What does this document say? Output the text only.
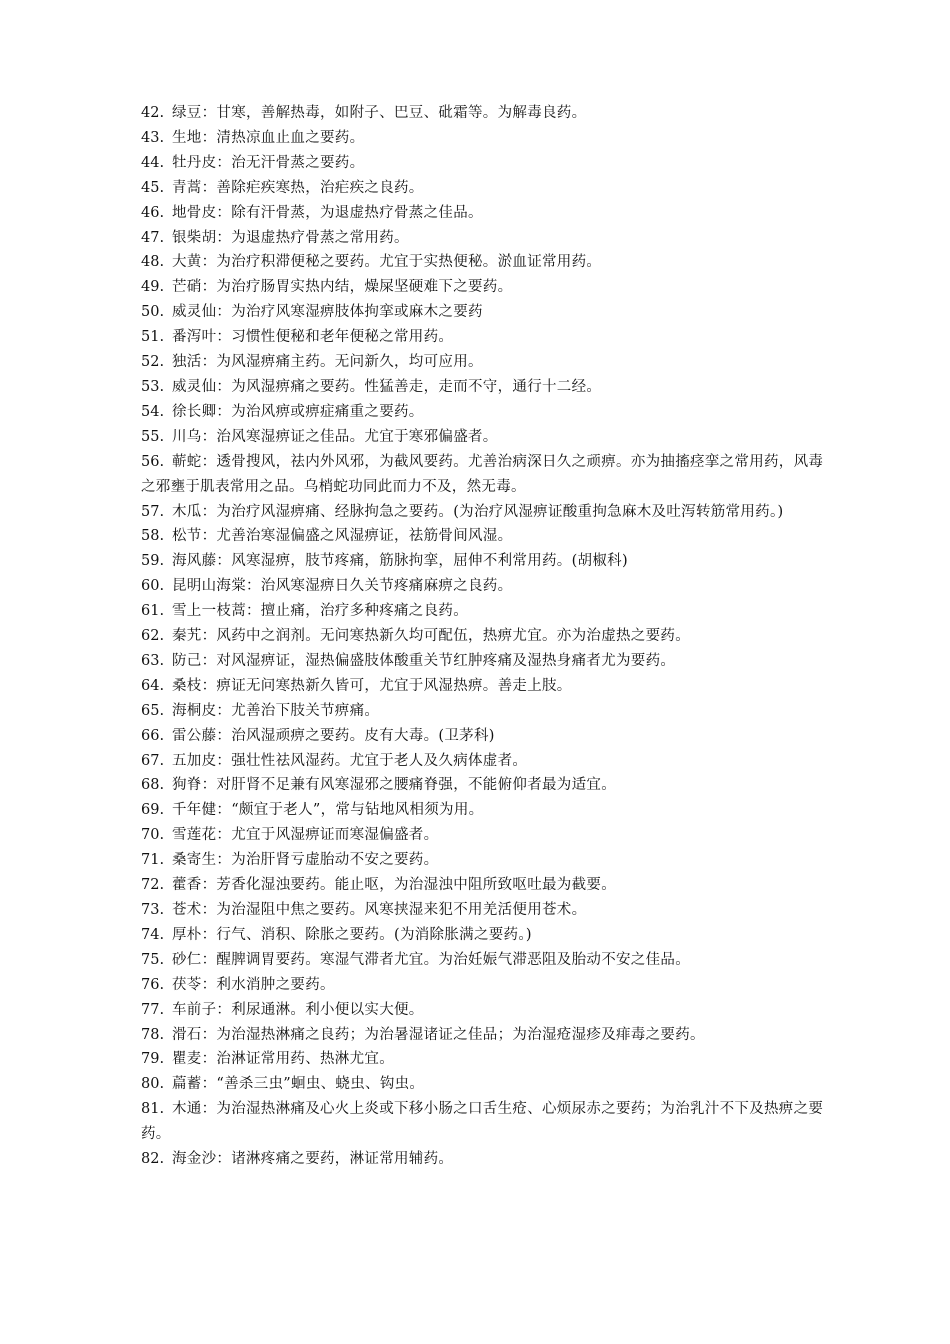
42. 绿豆：甘寒，善解热毒，如附子、巴豆、砒霜等。为解毒良药。
43. 生地：清热凉血止血之要药。
44. 牡丹皮：治无汗骨蒸之要药。
45. 青蒿：善除疟疾寒热，治疟疾之良药。
46. 地骨皮：除有汗骨蒸，为退虚热疗骨蒸之佳品。
47. 银柴胡：为退虚热疗骨蒸之常用药。
48. 大黄：为治疗积滞便秘之要药。尤宜于实热便秘。淤血证常用药。
49. 芒硝：为治疗肠胃实热内结，燥屎坚硬难下之要药。
50. 威灵仙：为治疗风寒湿痹肢体拘挛或麻木之要药
51. 番泻叶：习惯性便秘和老年便秘之常用药。
52. 独活：为风湿痹痛主药。无问新久，均可应用。
53. 威灵仙：为风湿痹痛之要药。性猛善走，走而不守，通行十二经。
54. 徐长卿：为治风痹或痹症痛重之要药。
55. 川乌：治风寒湿痹证之佳品。尤宜于寒邪偏盛者。
56. 蕲蛇：透骨搜风，祛内外风邪，为截风要药。尤善治病深日久之顽痹。亦为抽搐痉挛之常用药，风毒之邪壅于肌表常用之品。乌梢蛇功同此而力不及，然无毒。
57. 木瓜：为治疗风湿痹痛、经脉拘急之要药。(为治疗风湿痹证酸重拘急麻木及吐泻转筋常用药。)
58. 松节：尤善治寒湿偏盛之风湿痹证，祛筋骨间风湿。
59. 海风藤：风寒湿痹，肢节疼痛，筋脉拘挛，屈伸不利常用药。(胡椒科)
60. 昆明山海棠：治风寒湿痹日久关节疼痛麻痹之良药。
61. 雪上一枝蒿：擅止痛，治疗多种疼痛之良药。
62. 秦艽：风药中之润剂。无问寒热新久均可配伍，热痹尤宜。亦为治虚热之要药。
63. 防己：对风湿痹证，湿热偏盛肢体酸重关节红肿疼痛及湿热身痛者尤为要药。
64. 桑枝：痹证无问寒热新久皆可，尤宜于风湿热痹。善走上肢。
65. 海桐皮：尤善治下肢关节痹痛。
66. 雷公藤：治风湿顽痹之要药。皮有大毒。(卫茅科)
67. 五加皮：强壮性祛风湿药。尤宜于老人及久病体虚者。
68. 狗脊：对肝肾不足兼有风寒湿邪之腰痛脊强，不能俯仰者最为适宜。
69. 千年健：“颇宜于老人”，常与钻地风相须为用。
70. 雪莲花：尤宜于风湿痹证而寒湿偏盛者。
71. 桑寄生：为治肝肾亏虚胎动不安之要药。
72. 藿香：芳香化湿浊要药。能止呕，为治湿浊中阻所致呕吐最为截要。
73. 苍术：为治湿阻中焦之要药。风寒挟湿来犯不用羌活便用苍术。
74. 厚朴：行气、消积、除胀之要药。(为消除胀满之要药。)
75. 砂仁：醒脾调胃要药。寒湿气滞者尤宜。为治妊娠气滞恶阻及胎动不安之佳品。
76. 茯苓：利水消肿之要药。
77. 车前子：利尿通淋。利小便以实大便。
78. 滑石：为治湿热淋痛之良药；为治暑湿诸证之佳品；为治湿疮湿疹及痱毒之要药。
79. 瞿麦：治淋证常用药、热淋尤宜。
80. 萹蓄：“善杀三虫”蛔虫、蛲虫、钩虫。
81. 木通：为治湿热淋痛及心火上炎或下移小肠之口舌生疮、心烦尿赤之要药；为治乳汁不下及热痹之要药。
82. 海金沙：诸淋疼痛之要药，淋证常用辅药。
